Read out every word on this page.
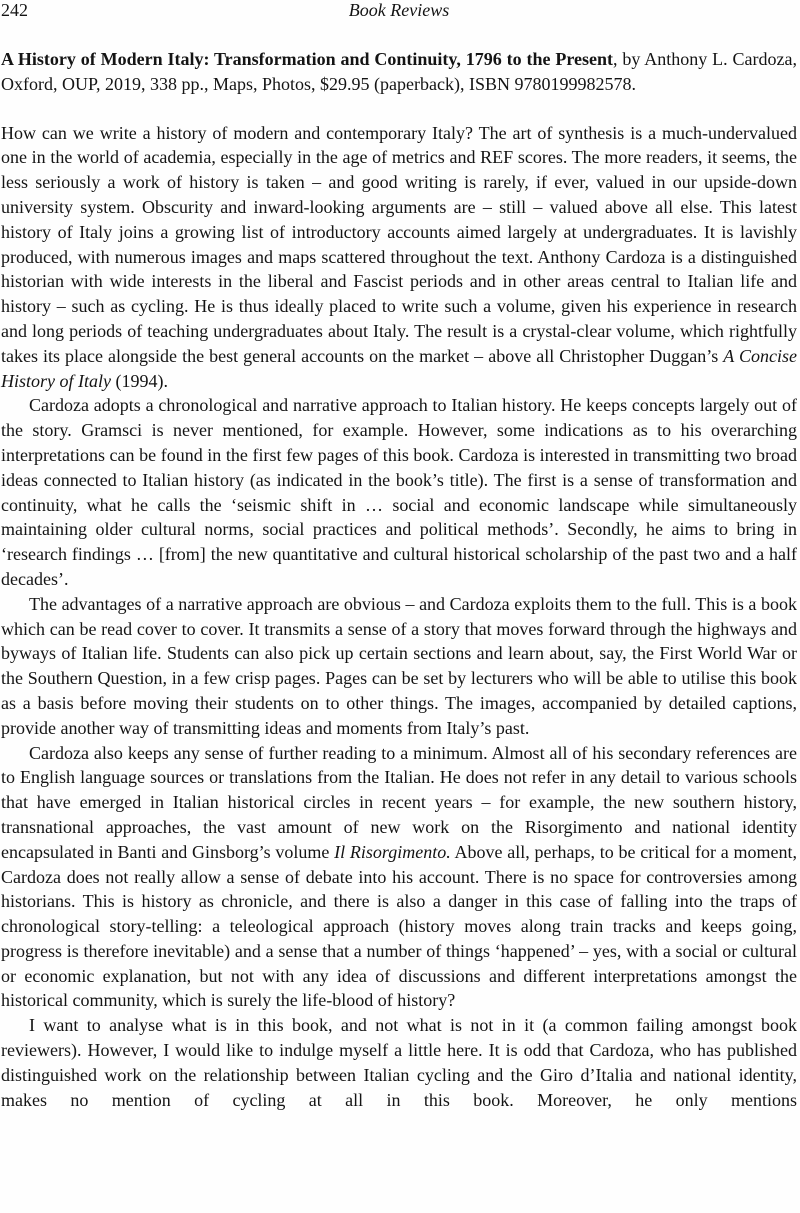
242	Book Reviews

A History of Modern Italy: Transformation and Continuity, 1796 to the Present, by Anthony L. Cardoza, Oxford, OUP, 2019, 338 pp., Maps, Photos, $29.95 (paperback), ISBN 9780199982578.

How can we write a history of modern and contemporary Italy? The art of synthesis is a much-undervalued one in the world of academia, especially in the age of metrics and REF scores. The more readers, it seems, the less seriously a work of history is taken – and good writing is rarely, if ever, valued in our upside-down university system. Obscurity and inward-looking arguments are – still – valued above all else. This latest history of Italy joins a growing list of introductory accounts aimed largely at undergraduates. It is lavishly produced, with numerous images and maps scattered throughout the text. Anthony Cardoza is a distinguished historian with wide interests in the liberal and Fascist periods and in other areas central to Italian life and history – such as cycling. He is thus ideally placed to write such a volume, given his experience in research and long periods of teaching undergraduates about Italy. The result is a crystal-clear volume, which rightfully takes its place alongside the best general accounts on the market – above all Christopher Duggan’s A Concise History of Italy (1994).

Cardoza adopts a chronological and narrative approach to Italian history. He keeps concepts largely out of the story. Gramsci is never mentioned, for example. However, some indications as to his overarching interpretations can be found in the first few pages of this book. Cardoza is interested in transmitting two broad ideas connected to Italian history (as indicated in the book’s title). The first is a sense of transformation and continuity, what he calls the ‘seismic shift in … social and economic landscape while simultaneously maintaining older cultural norms, social practices and political methods’. Secondly, he aims to bring in ‘research findings … [from] the new quantitative and cultural historical scholarship of the past two and a half decades’.

The advantages of a narrative approach are obvious – and Cardoza exploits them to the full. This is a book which can be read cover to cover. It transmits a sense of a story that moves forward through the highways and byways of Italian life. Students can also pick up certain sections and learn about, say, the First World War or the Southern Question, in a few crisp pages. Pages can be set by lecturers who will be able to utilise this book as a basis before moving their students on to other things. The images, accompanied by detailed captions, provide another way of transmitting ideas and moments from Italy’s past.

Cardoza also keeps any sense of further reading to a minimum. Almost all of his secondary references are to English language sources or translations from the Italian. He does not refer in any detail to various schools that have emerged in Italian historical circles in recent years – for example, the new southern history, transnational approaches, the vast amount of new work on the Risorgimento and national identity encapsulated in Banti and Ginsborg’s volume Il Risorgimento. Above all, perhaps, to be critical for a moment, Cardoza does not really allow a sense of debate into his account. There is no space for controversies among historians. This is history as chronicle, and there is also a danger in this case of falling into the traps of chronological story-telling: a teleological approach (history moves along train tracks and keeps going, progress is therefore inevitable) and a sense that a number of things ‘happened’ – yes, with a social or cultural or economic explanation, but not with any idea of discussions and different interpretations amongst the historical community, which is surely the life-blood of history?

I want to analyse what is in this book, and not what is not in it (a common failing amongst book reviewers). However, I would like to indulge myself a little here. It is odd that Cardoza, who has published distinguished work on the relationship between Italian cycling and the Giro d’Italia and national identity, makes no mention of cycling at all in this book. Moreover, he only mentions
